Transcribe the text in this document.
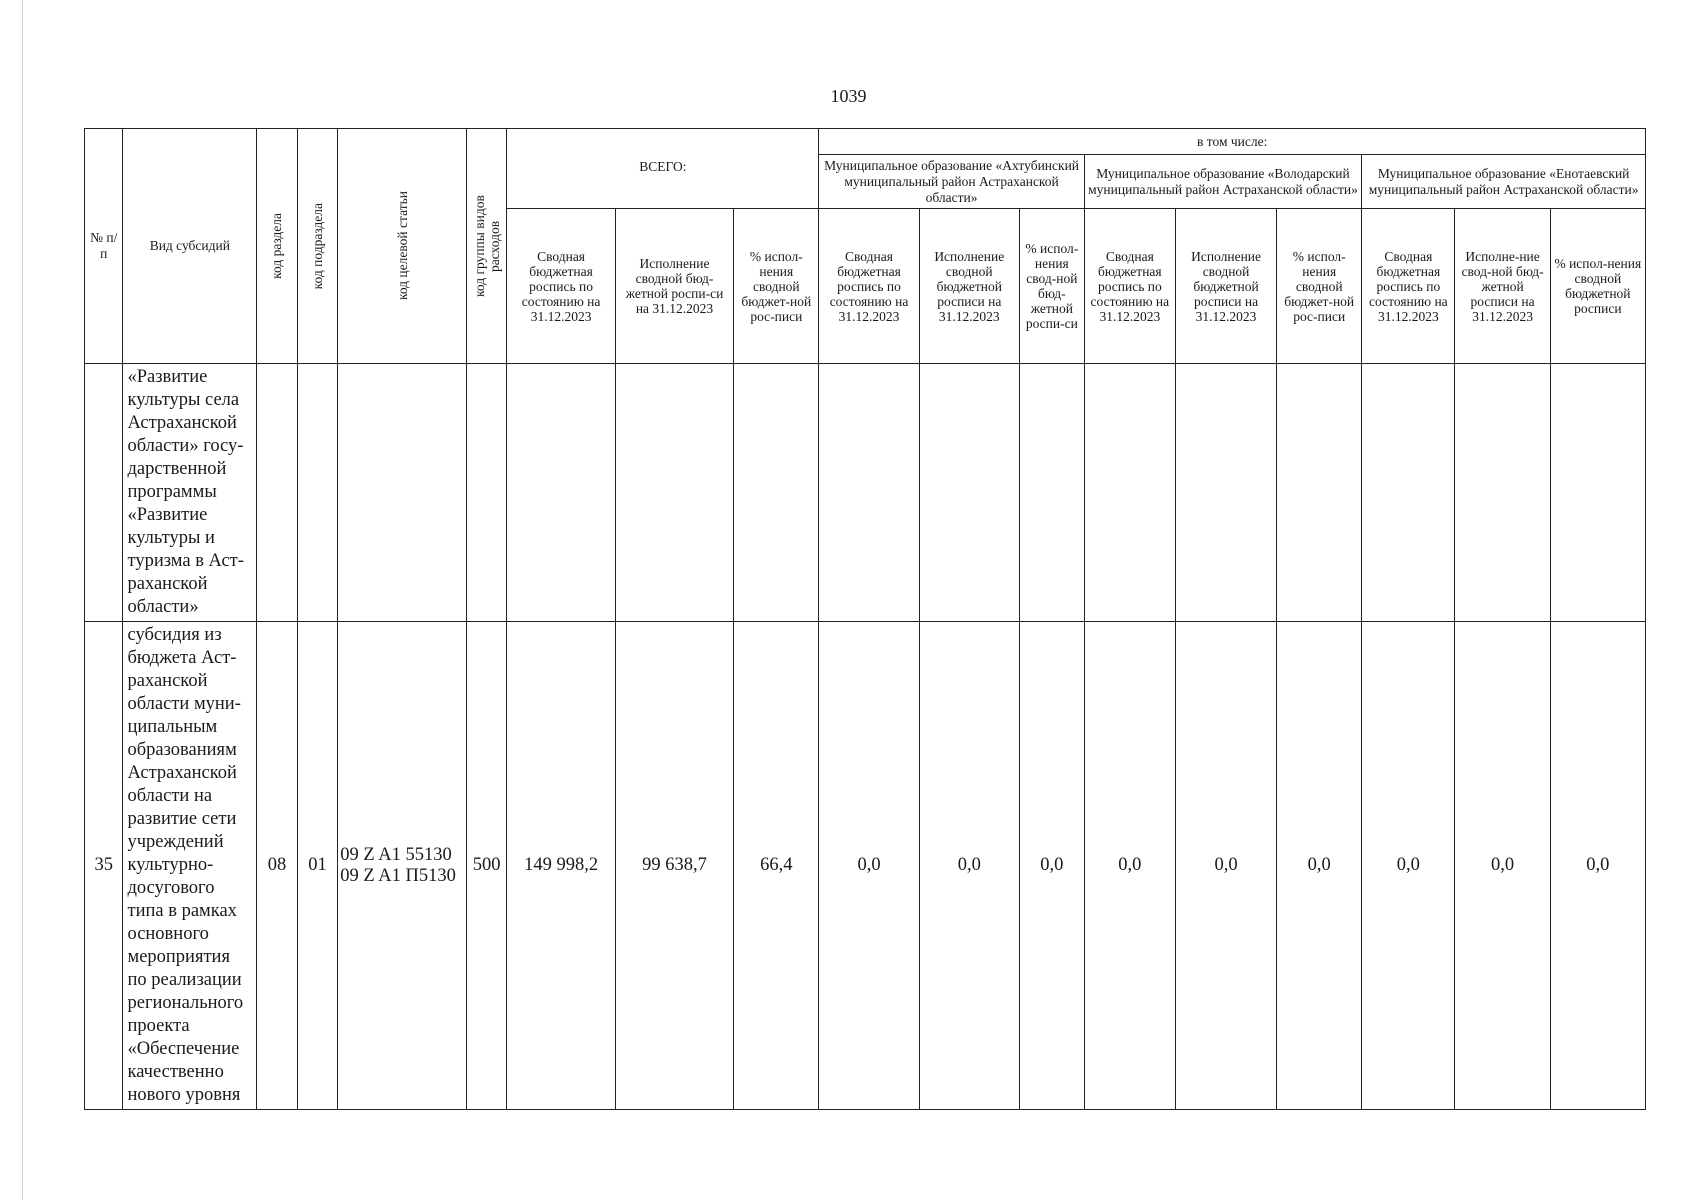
1039
№ п/п	Вид субсидий	код раздела	код подраздела	код целевой статьи	код группы видов расходов	ВСЕГО:			в том числе:								
									Муниципальное образование «Ахтубинский муниципальный район Астраханской области»			Муниципальное образование «Володарский муниципальный район Астраханской области»			Муниципальное образование «Енотаевский муниципальный район Астраханской области»		
						Сводная бюджетная роспись по состоянию на 31.12.2023	Исполнение сводной бюд-жетной роспи-си на 31.12.2023	% испол-нения сводной бюджет-ной рос-писи	Сводная бюджетная роспись по состоянию на 31.12.2023	Исполнение сводной бюджетной росписи на 31.12.2023	% испол-нения свод-ной бюд-жетной роспи-си	Сводная бюджетная роспись по состоянию на 31.12.2023	Исполнение сводной бюджетной росписи на 31.12.2023	% испол-нения сводной бюджет-ной рос-писи	Сводная бюджетная роспись по состоянию на 31.12.2023	Исполне-ние свод-ной бюд-жетной росписи на 31.12.2023	% испол-нения сводной бюджетной росписи
	«Развитие культуры села Астраханской области» госу-дарственной программы «Развитие культуры и туризма в Аст-раханской области»			

35	субсидия из бюджета Аст-раханской области муни-ципальным образованиям Астраханской области на развитие сети учреждений культурно-досугового типа в рамках основного мероприятия по реализации регионального проекта «Обеспечение качественно нового уровня	08	01	09 Z A1 55130
09 Z A1 П5130	500	149 998,2	99 638,7	66,4	0,0	0,0	0,0	0,0	0,0	0,0	0,0	0,0	0,0
